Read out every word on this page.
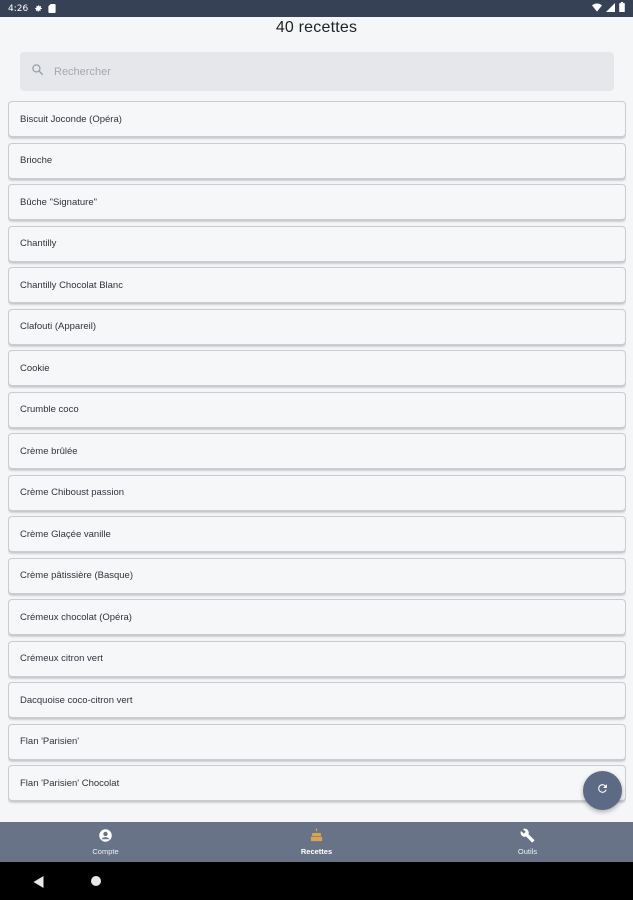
4:26
40 recettes
Rechercher
Biscuit Joconde (Opéra)
Brioche
Bûche "Signature"
Chantilly
Chantilly Chocolat Blanc
Clafouti (Appareil)
Cookie
Crumble coco
Crème brûlée
Crème Chiboust passion
Crème Glaçée vanille
Crème pâtissière (Basque)
Crémeux chocolat (Opéra)
Crémeux citron vert
Dacquoise coco-citron vert
Flan 'Parisien'
Flan 'Parisien' Chocolat
Compte	Recettes	Outils
